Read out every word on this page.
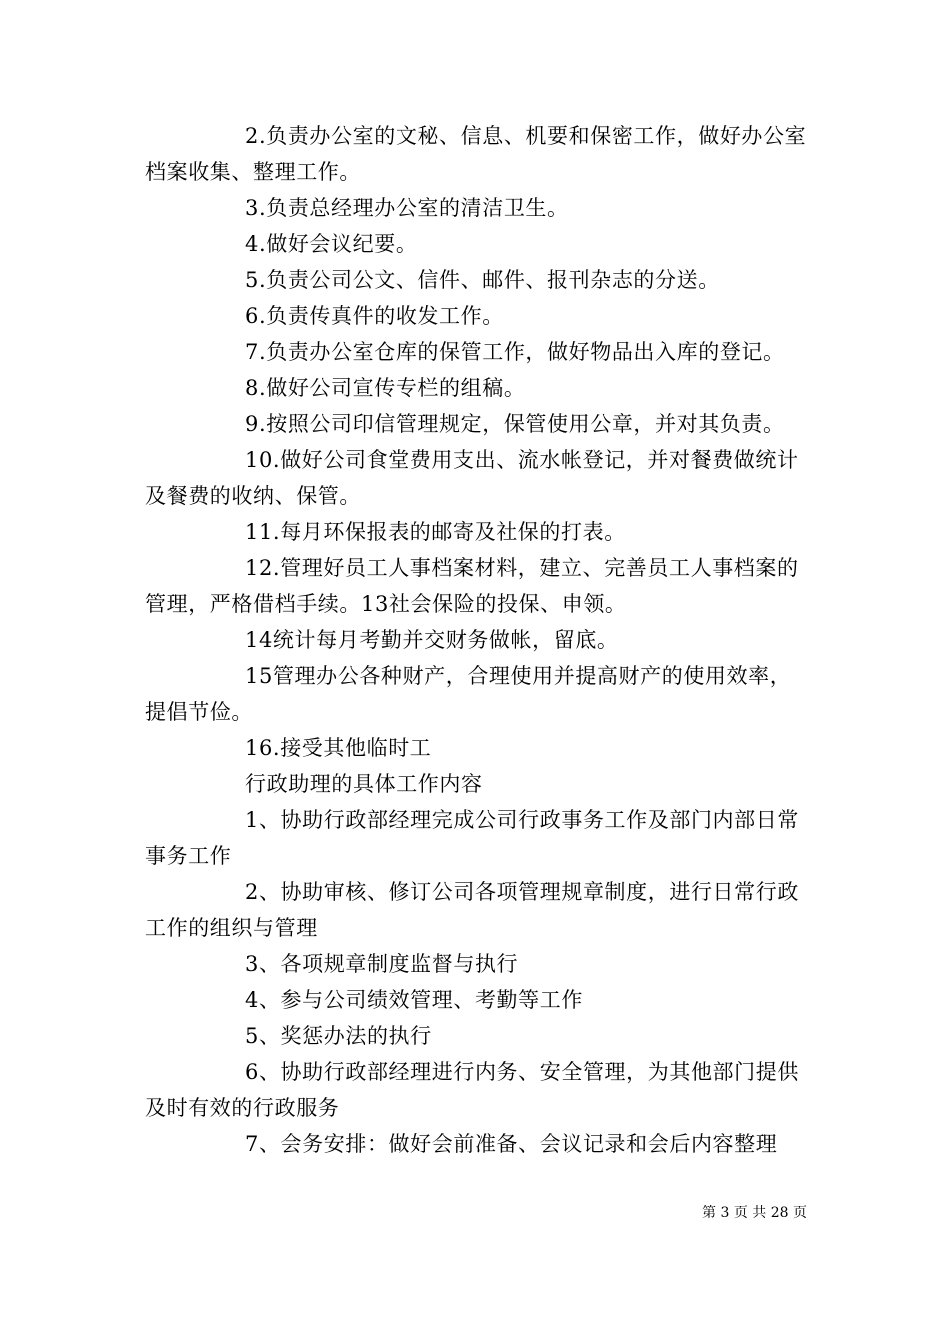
2.负责办公室的文秘、信息、机要和保密工作，做好办公室档案收集、整理工作。

3.负责总经理办公室的清洁卫生。

4.做好会议纪要。

5.负责公司公文、信件、邮件、报刊杂志的分送。

6.负责传真件的收发工作。

7.负责办公室仓库的保管工作，做好物品出入库的登记。

8.做好公司宣传专栏的组稿。

9.按照公司印信管理规定，保管使用公章，并对其负责。

10.做好公司食堂费用支出、流水帐登记，并对餐费做统计及餐费的收纳、保管。

11.每月环保报表的邮寄及社保的打表。

12.管理好员工人事档案材料，建立、完善员工人事档案的管理，严格借档手续。13社会保险的投保、申领。

14统计每月考勤并交财务做帐，留底。

15管理办公各种财产，合理使用并提高财产的使用效率，提倡节俭。

16.接受其他临时工

行政助理的具体工作内容

1、协助行政部经理完成公司行政事务工作及部门内部日常事务工作

2、协助审核、修订公司各项管理规章制度，进行日常行政工作的组织与管理

3、各项规章制度监督与执行

4、参与公司绩效管理、考勤等工作

5、奖惩办法的执行

6、协助行政部经理进行内务、安全管理，为其他部门提供及时有效的行政服务

7、会务安排：做好会前准备、会议记录和会后内容整理

第 3 页 共 28 页
